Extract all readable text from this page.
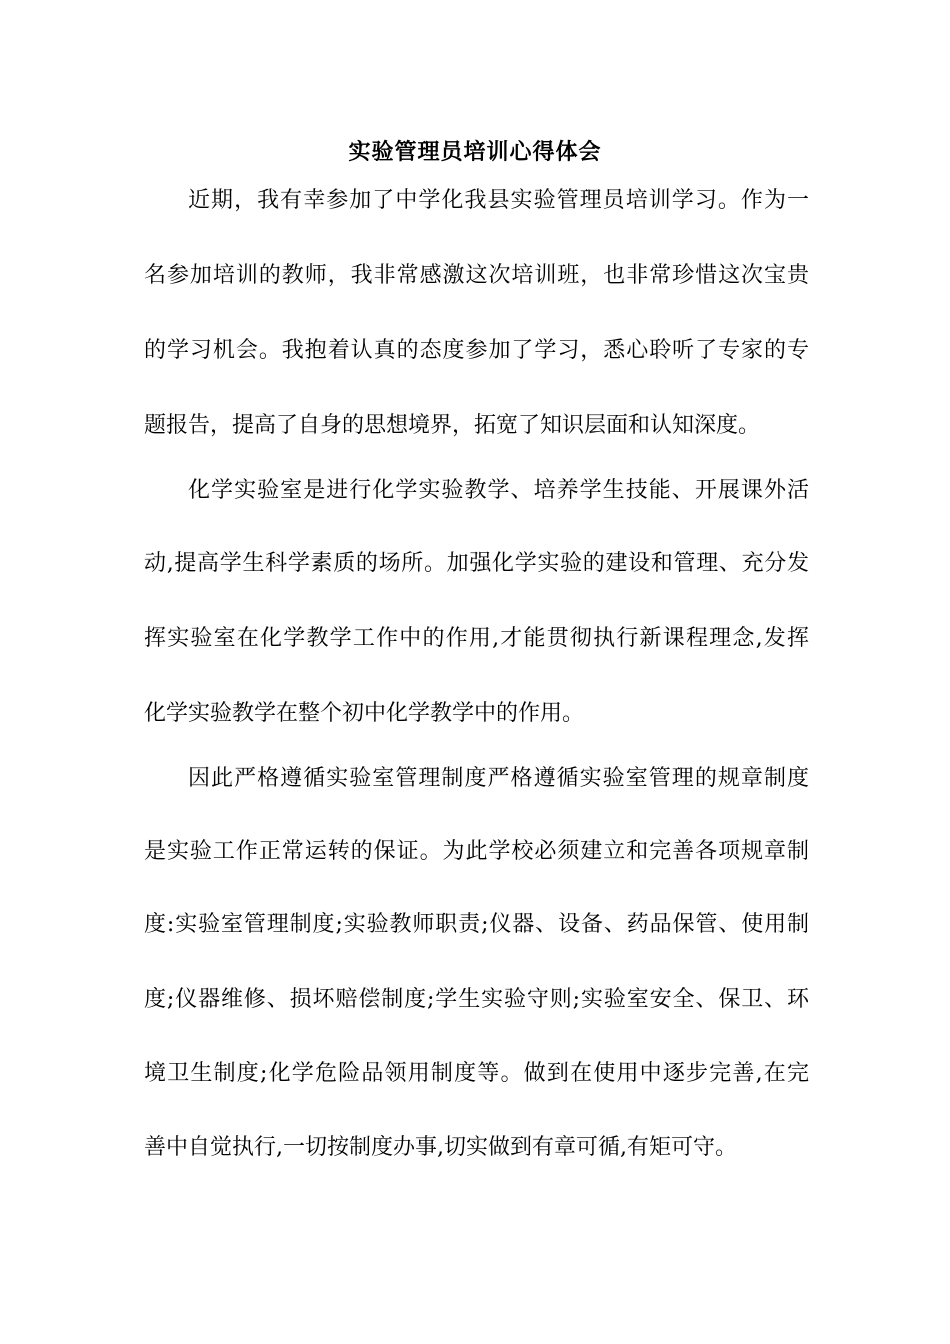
实验管理员培训心得体会
近期，我有幸参加了中学化我县实验管理员培训学习。作为一
名参加培训的教师，我非常感激这次培训班，也非常珍惜这次宝贵
的学习机会。我抱着认真的态度参加了学习，悉心聆听了专家的专
题报告，提高了自身的思想境界，拓宽了知识层面和认知深度。
化学实验室是进行化学实验教学、培养学生技能、开展课外活
动,提高学生科学素质的场所。加强化学实验的建设和管理、充分发
挥实验室在化学教学工作中的作用,才能贯彻执行新课程理念,发挥
化学实验教学在整个初中化学教学中的作用。
因此严格遵循实验室管理制度严格遵循实验室管理的规章制度
是实验工作正常运转的保证。为此学校必须建立和完善各项规章制
度:实验室管理制度;实验教师职责;仪器、设备、药品保管、使用制
度;仪器维修、损坏赔偿制度;学生实验守则;实验室安全、保卫、环
境卫生制度;化学危险品领用制度等。做到在使用中逐步完善,在完
善中自觉执行,一切按制度办事,切实做到有章可循,有矩可守。
